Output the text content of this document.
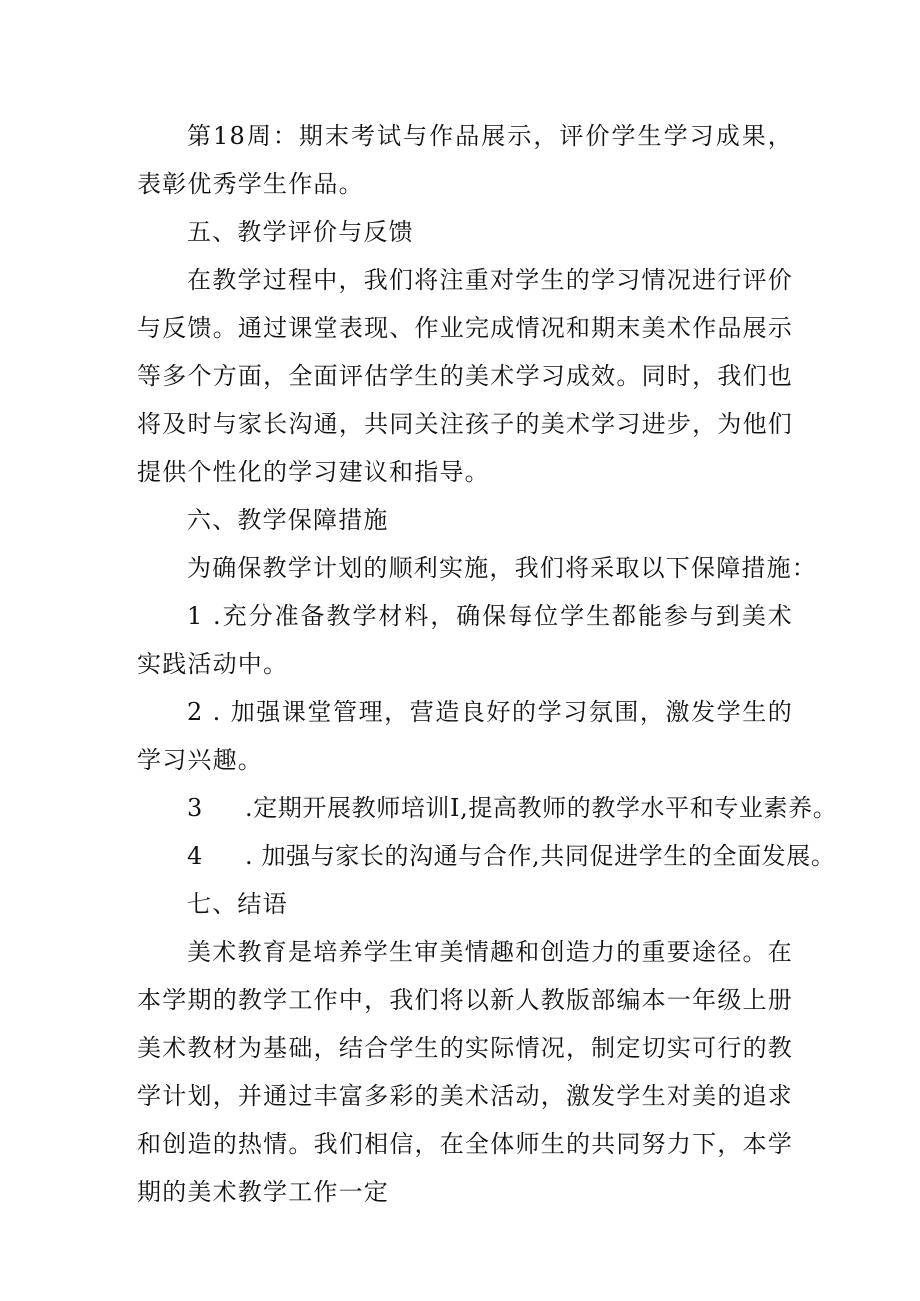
第18周：期末考试与作品展示，评价学生学习成果，表彰优秀学生作品。

五、教学评价与反馈

在教学过程中，我们将注重对学生的学习情况进行评价与反馈。通过课堂表现、作业完成情况和期末美术作品展示等多个方面，全面评估学生的美术学习成效。同时，我们也将及时与家长沟通，共同关注孩子的美术学习进步，为他们提供个性化的学习建议和指导。

六、教学保障措施

为确保教学计划的顺利实施，我们将采取以下保障措施：

1 .充分准备教学材料，确保每位学生都能参与到美术实践活动中。

2 . 加强课堂管理，营造良好的学习氛围，激发学生的学习兴趣。

3 .定期开展教师培训I,提高教师的教学水平和专业素养。

4 . 加强与家长的沟通与合作,共同促进学生的全面发展。

七、结语

美术教育是培养学生审美情趣和创造力的重要途径。在本学期的教学工作中，我们将以新人教版部编本一年级上册美术教材为基础，结合学生的实际情况，制定切实可行的教学计划，并通过丰富多彩的美术活动，激发学生对美的追求和创造的热情。我们相信，在全体师生的共同努力下，本学期的美术教学工作一定
